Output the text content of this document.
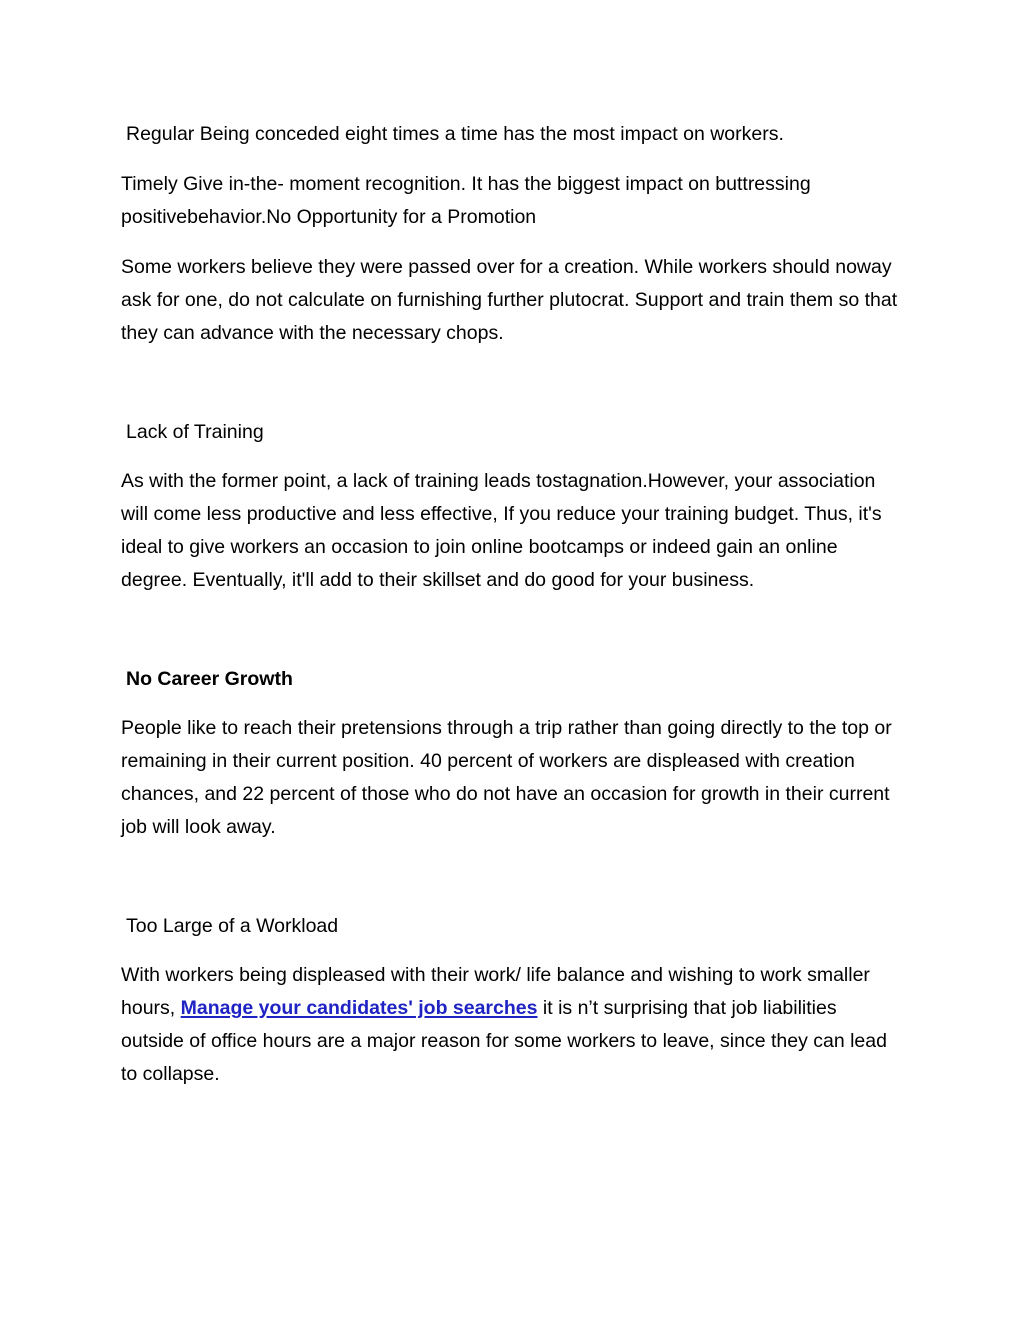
Regular Being conceded eight times a time has the most impact on workers.

Timely Give in-the- moment recognition. It has the biggest impact on buttressing positivebehavior.No Opportunity for a Promotion

Some workers believe they were passed over for a creation. While workers should noway ask for one, do not calculate on furnishing further plutocrat. Support and train them so that they can advance with the necessary chops.

Lack of Training

As with the former point, a lack of training leads tostagnation.However, your association will come less productive and less effective, If you reduce your training budget. Thus, it's ideal to give workers an occasion to join online bootcamps or indeed gain an online degree. Eventually, it'll add to their skillset and do good for your business.

No Career Growth

People like to reach their pretensions through a trip rather than going directly to the top or remaining in their current position. 40 percent of workers are displeased with creation chances, and 22 percent of those who do not have an occasion for growth in their current job will look away.

Too Large of a Workload

With workers being displeased with their work/ life balance and wishing to work smaller hours, Manage your candidates' job searches it is n’t surprising that job liabilities outside of office hours are a major reason for some workers to leave, since they can lead to collapse.
